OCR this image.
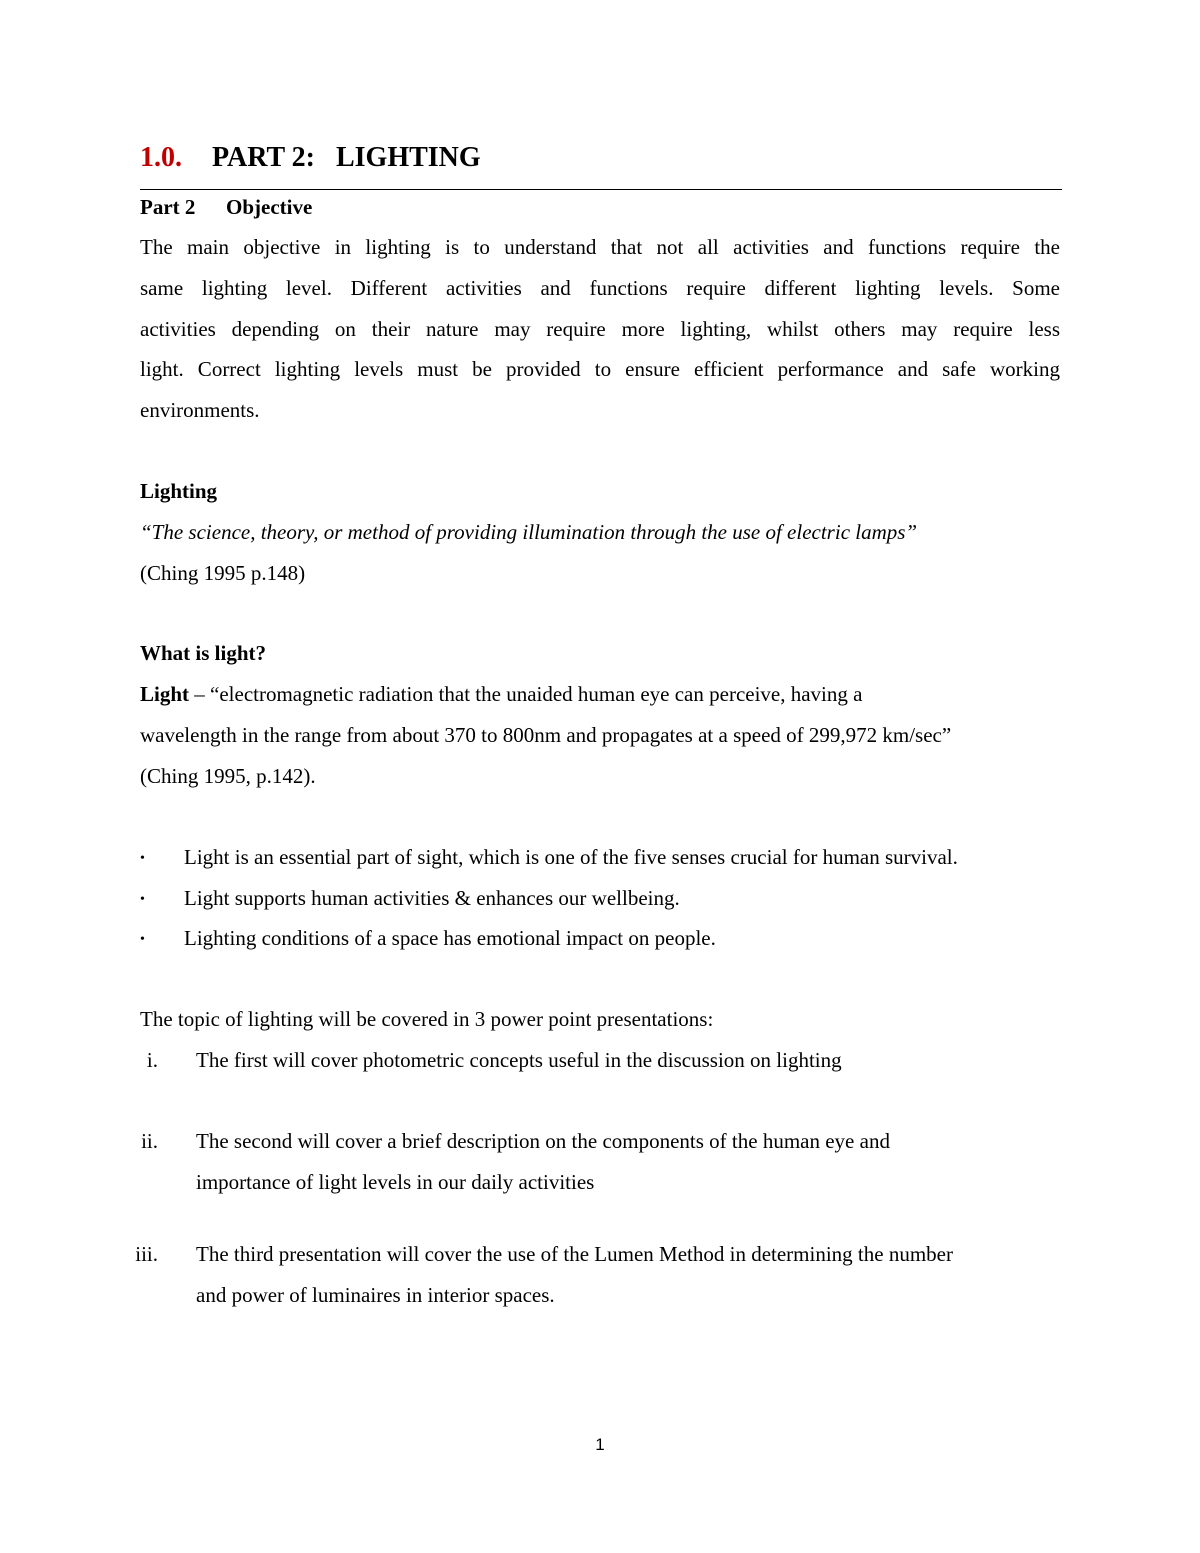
1.0. PART 2:   LIGHTING
Part 2 Objective
The main objective in lighting is to understand that not all activities and functions require the
same lighting level. Different activities and functions require different lighting levels. Some
activities depending on their nature may require more lighting, whilst others may require less
light. Correct lighting levels must be provided to ensure efficient performance and safe working
environments.
Lighting
“The science, theory, or method of providing illumination through the use of electric lamps”
(Ching 1995 p.148)
What is light?
Light – “electromagnetic radiation that the unaided human eye can perceive, having a
wavelength in the range from about 370 to 800nm and propagates at a speed of 299,972 km/sec”
(Ching 1995, p.142).
• Light is an essential part of sight, which is one of the five senses crucial for human survival.
• Light supports human activities & enhances our wellbeing.
• Lighting conditions of a space has emotional impact on people.
The topic of lighting will be covered in 3 power point presentations:
i. The first will cover photometric concepts useful in the discussion on lighting
ii. The second will cover a brief description on the components of the human eye and
importance of light levels in our daily activities
iii. The third presentation will cover the use of the Lumen Method in determining the number
and power of luminaires in interior spaces.
1
